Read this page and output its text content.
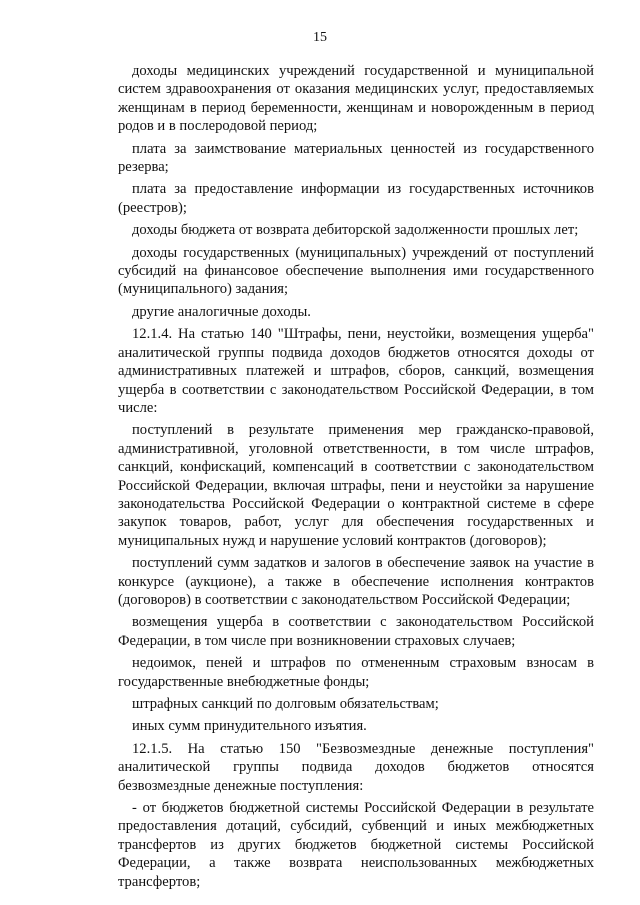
15

доходы медицинских учреждений государственной и муниципальной систем здравоохранения от оказания медицинских услуг, предоставляемых женщинам в период беременности, женщинам и новорожденным в период родов и в послеродовой период;

плата за заимствование материальных ценностей из государственного резерва;

плата за предоставление информации из государственных источников (реестров);

доходы бюджета от возврата дебиторской задолженности прошлых лет;

доходы государственных (муниципальных) учреждений от поступлений субсидий на финансовое обеспечение выполнения ими государственного (муниципального) задания;

другие аналогичные доходы.

12.1.4. На статью 140 "Штрафы, пени, неустойки, возмещения ущерба" аналитической группы подвида доходов бюджетов относятся доходы от административных платежей и штрафов, сборов, санкций, возмещения ущерба в соответствии с законодательством Российской Федерации, в том числе:

поступлений в результате применения мер гражданско-правовой, административной, уголовной ответственности, в том числе штрафов, санкций, конфискаций, компенсаций в соответствии с законодательством Российской Федерации, включая штрафы, пени и неустойки за нарушение законодательства Российской Федерации о контрактной системе в сфере закупок товаров, работ, услуг для обеспечения государственных и муниципальных нужд и нарушение условий контрактов (договоров);

поступлений сумм задатков и залогов в обеспечение заявок на участие в конкурсе (аукционе), а также в обеспечение исполнения контрактов (договоров) в соответствии с законодательством Российской Федерации;

возмещения ущерба в соответствии с законодательством Российской Федерации, в том числе при возникновении страховых случаев;

недоимок, пеней и штрафов по отмененным страховым взносам в государственные внебюджетные фонды;

штрафных санкций по долговым обязательствам;

иных сумм принудительного изъятия.

12.1.5. На статью 150 "Безвозмездные денежные поступления" аналитической группы подвида доходов бюджетов относятся безвозмездные денежные поступления:

- от бюджетов бюджетной системы Российской Федерации в результате предоставления дотаций, субсидий, субвенций и иных межбюджетных трансфертов из других бюджетов бюджетной системы Российской Федерации, а также возврата неиспользованных межбюджетных трансфертов;
